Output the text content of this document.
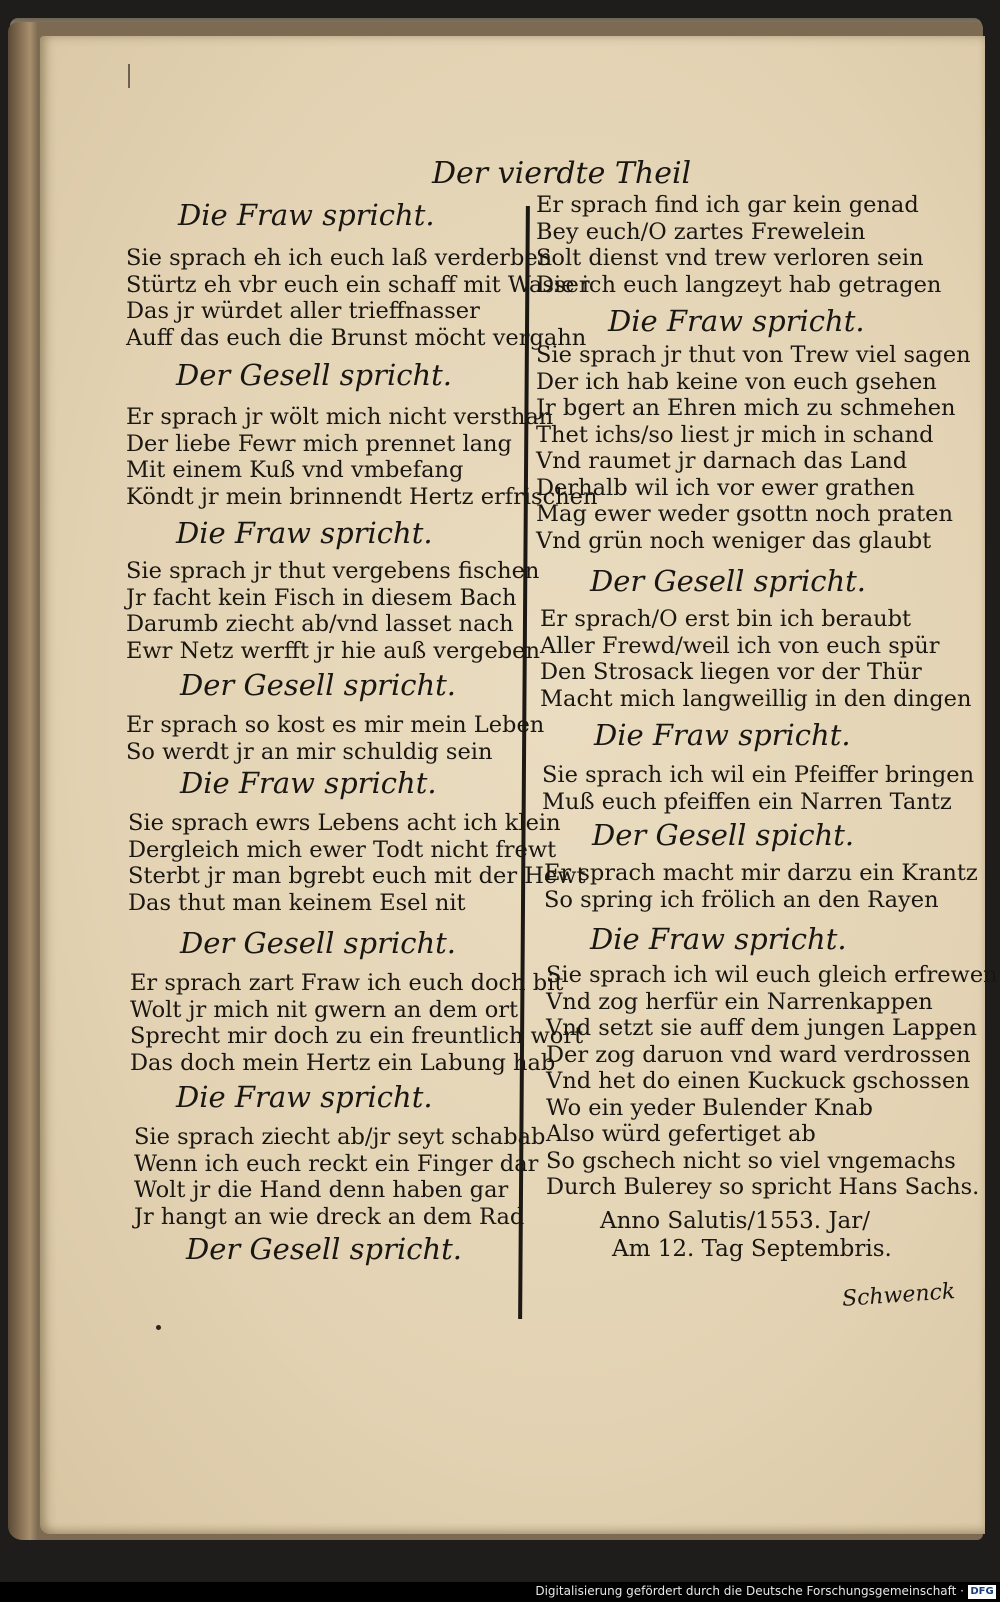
Der vierdte Theil
Die Fraw spricht.
Sie sprach eh ich euch laß verderben
Stürtz eh vbr euch ein schaff mit Wasser
Das jr würdet aller trieffnasser
Auff das euch die Brunst möcht vergahn
Der Gesell spricht.
Er sprach jr wölt mich nicht versthan
Der liebe Fewr mich prennet lang
Mit einem Kuß vnd vmbefang
Köndt jr mein brinnendt Hertz erfrischen
Die Fraw spricht.
Sie sprach jr thut vergebens fischen
Jr facht kein Fisch in diesem Bach
Darumb ziecht ab/vnd lasset nach
Ewr Netz werfft jr hie auß vergeben
Der Gesell spricht.
Er sprach so kost es mir mein Leben
So werdt jr an mir schuldig sein
Die Fraw spricht.
Sie sprach ewrs Lebens acht ich klein
Dergleich mich ewer Todt nicht frewt
Sterbt jr man bgrebt euch mit der Hewt
Das thut man keinem Esel nit
Der Gesell spricht.
Er sprach zart Fraw ich euch doch bit
Wolt jr mich nit gwern an dem ort
Sprecht mir doch zu ein freuntlich wort
Das doch mein Hertz ein Labung hab
Die Fraw spricht.
Sie sprach ziecht ab/jr seyt schabab
Wenn ich euch reckt ein Finger dar
Wolt jr die Hand denn haben gar
Jr hangt an wie dreck an dem Rad
Der Gesell spricht.
Er sprach find ich gar kein genad
Bey euch/O zartes Frewelein
Solt dienst vnd trew verloren sein
Die ich euch langzeyt hab getragen
Die Fraw spricht.
Sie sprach jr thut von Trew viel sagen
Der ich hab keine von euch gsehen
Jr bgert an Ehren mich zu schmehen
Thet ichs/so liest jr mich in schand
Vnd raumet jr darnach das Land
Derhalb wil ich vor ewer grathen
Mag ewer weder gsottn noch praten
Vnd grün noch weniger das glaubt
Der Gesell spricht.
Er sprach/O erst bin ich beraubt
Aller Frewd/weil ich von euch spür
Den Strosack liegen vor der Thür
Macht mich langweillig in den dingen
Die Fraw spricht.
Sie sprach ich wil ein Pfeiffer bringen
Muß euch pfeiffen ein Narren Tantz
Der Gesell spicht.
Er sprach macht mir darzu ein Krantz
So spring ich frölich an den Rayen
Die Fraw spricht.
Sie sprach ich wil euch gleich erfrewen
Vnd zog herfür ein Narrenkappen
Vnd setzt sie auff dem jungen Lappen
Der zog daruon vnd ward verdrossen
Vnd het do einen Kuckuck gschossen
Wo ein yeder Bulender Knab
Also würd gefertiget ab
So gschech nicht so viel vngemachs
Durch Bulerey so spricht Hans Sachs.
Anno Salutis/1553. Jar/
Am 12. Tag Septembris.
Schwenck
Digitalisierung gefördert durch die Deutsche Forschungsgemeinschaft · DFG
